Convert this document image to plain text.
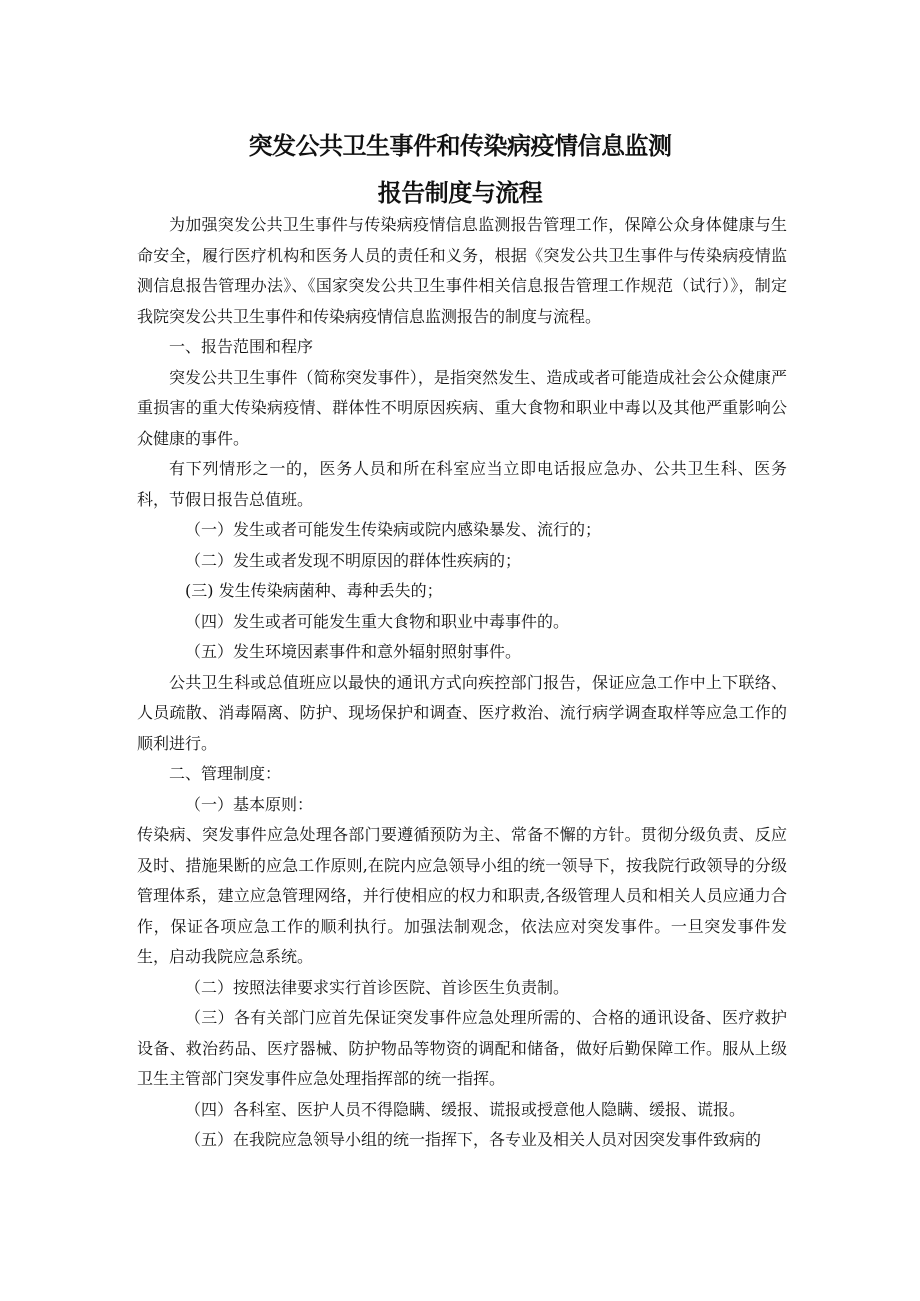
突发公共卫生事件和传染病疫情信息监测
报告制度与流程

为加强突发公共卫生事件与传染病疫情信息监测报告管理工作，保障公众身体健康与生命安全，履行医疗机构和医务人员的责任和义务，根据《突发公共卫生事件与传染病疫情监测信息报告管理办法》、《国家突发公共卫生事件相关信息报告管理工作规范（试行）》，制定我院突发公共卫生事件和传染病疫情信息监测报告的制度与流程。

一、报告范围和程序

突发公共卫生事件（简称突发事件），是指突然发生、造成或者可能造成社会公众健康严重损害的重大传染病疫情、群体性不明原因疾病、重大食物和职业中毒以及其他严重影响公众健康的事件。

有下列情形之一的，医务人员和所在科室应当立即电话报应急办、公共卫生科、医务科，节假日报告总值班。

（一）发生或者可能发生传染病或院内感染暴发、流行的；

（二）发生或者发现不明原因的群体性疾病的；

(三) 发生传染病菌种、毒种丢失的；

（四）发生或者可能发生重大食物和职业中毒事件的。

（五）发生环境因素事件和意外辐射照射事件。

公共卫生科或总值班应以最快的通讯方式向疾控部门报告，保证应急工作中上下联络、人员疏散、消毒隔离、防护、现场保护和调查、医疗救治、流行病学调查取样等应急工作的顺利进行。

二、管理制度：

（一）基本原则：

传染病、突发事件应急处理各部门要遵循预防为主、常备不懈的方针。贯彻分级负责、反应及时、措施果断的应急工作原则,在院内应急领导小组的统一领导下，按我院行政领导的分级管理体系，建立应急管理网络，并行使相应的权力和职责,各级管理人员和相关人员应通力合作，保证各项应急工作的顺利执行。加强法制观念，依法应对突发事件。一旦突发事件发生，启动我院应急系统。

（二）按照法律要求实行首诊医院、首诊医生负责制。

（三）各有关部门应首先保证突发事件应急处理所需的、合格的通讯设备、医疗救护设备、救治药品、医疗器械、防护物品等物资的调配和储备，做好后勤保障工作。服从上级卫生主管部门突发事件应急处理指挥部的统一指挥。

（四）各科室、医护人员不得隐瞒、缓报、谎报或授意他人隐瞒、缓报、谎报。

（五）在我院应急领导小组的统一指挥下，各专业及相关人员对因突发事件致病的
